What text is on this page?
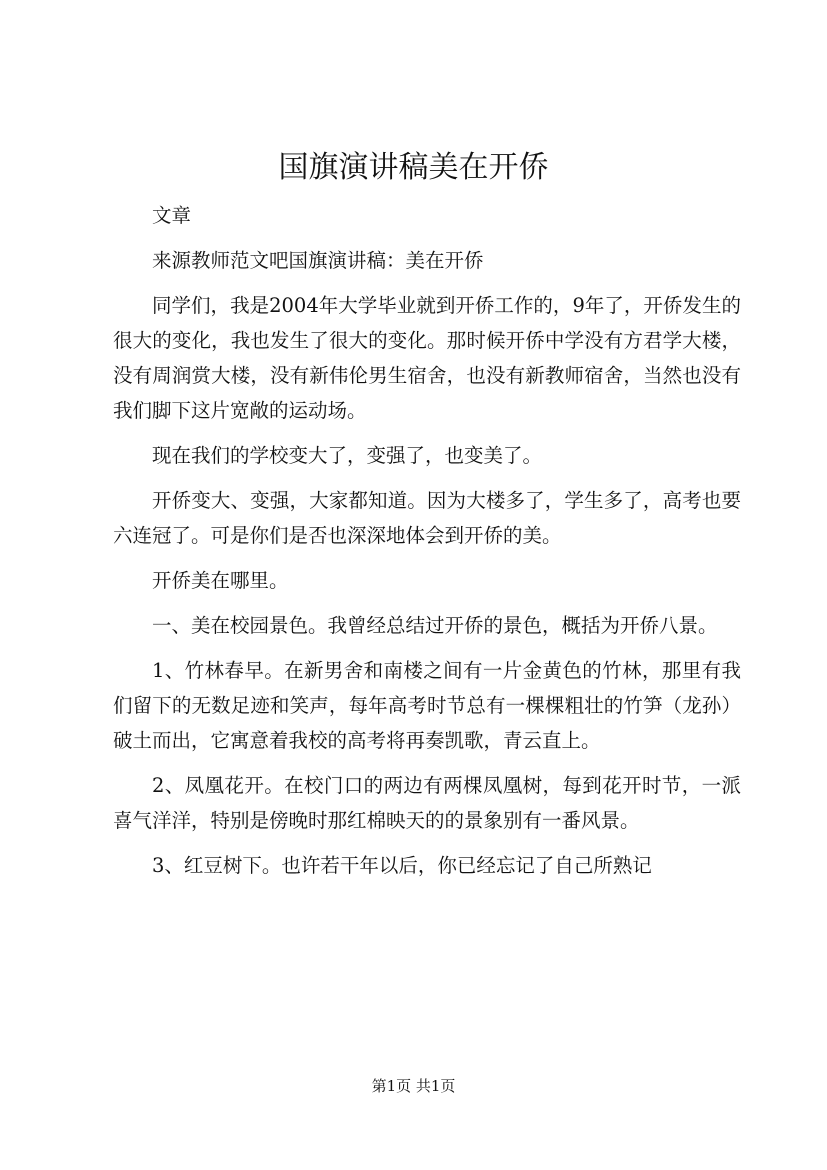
国旗演讲稿美在开侨

文章

来源教师范文吧国旗演讲稿：美在开侨

同学们，我是2004年大学毕业就到开侨工作的，9年了，开侨发生的很大的变化，我也发生了很大的变化。那时候开侨中学没有方君学大楼，没有周润赏大楼，没有新伟伦男生宿舍，也没有新教师宿舍，当然也没有我们脚下这片宽敞的运动场。

现在我们的学校变大了，变强了，也变美了。

开侨变大、变强，大家都知道。因为大楼多了，学生多了，高考也要六连冠了。可是你们是否也深深地体会到开侨的美。

开侨美在哪里。

一、美在校园景色。我曾经总结过开侨的景色，概括为开侨八景。

1、竹林春早。在新男舍和南楼之间有一片金黄色的竹林，那里有我们留下的无数足迹和笑声，每年高考时节总有一棵棵粗壮的竹笋（龙孙）破土而出，它寓意着我校的高考将再奏凯歌，青云直上。

2、凤凰花开。在校门口的两边有两棵凤凰树，每到花开时节，一派喜气洋洋，特别是傍晚时那红棉映天的的景象别有一番风景。

3、红豆树下。也许若干年以后，你已经忘记了自己所熟记

第1页 共1页
